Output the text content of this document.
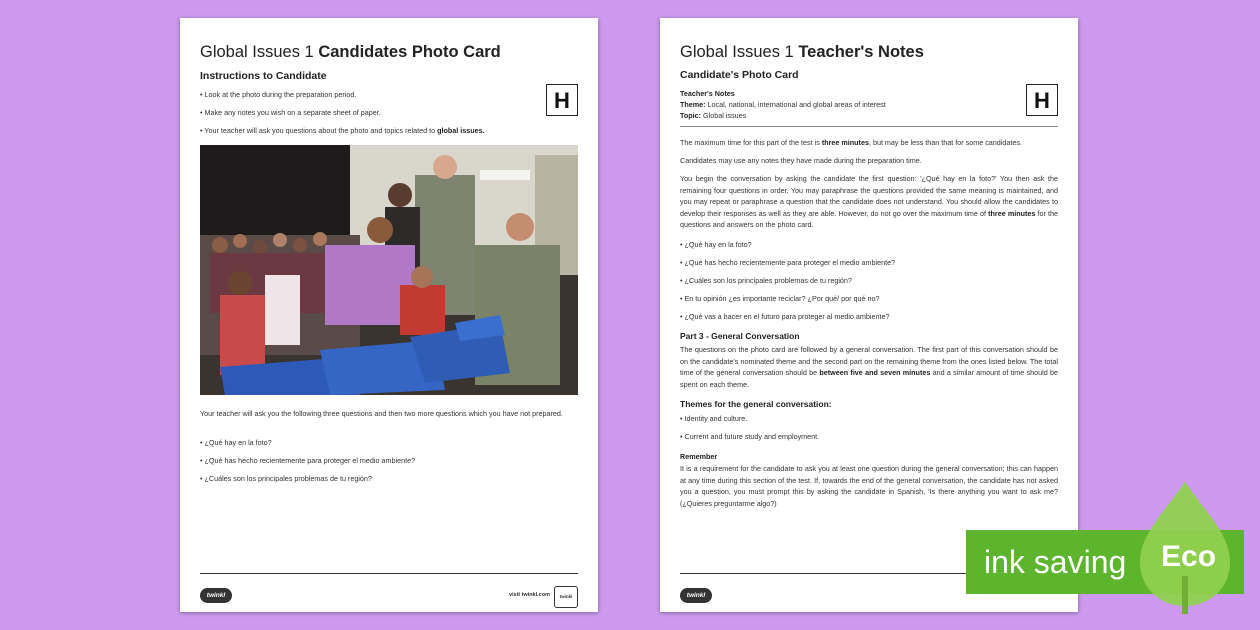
Global Issues 1 Candidates Photo Card
Instructions to Candidate
H
• Look at the photo during the preparation period.
• Make any notes you wish on a separate sheet of paper.
• Your teacher will ask you questions about the photo and topics related to global issues.
Your teacher will ask you the following three questions and then two more questions which you have not prepared.
• ¿Qué hay en la foto?
• ¿Qué has hecho recientemente para proteger el medio ambiente?
• ¿Cuáles son los principales problemas de tu región?
twinkl	visit twinkl.com	twinkl
Global Issues 1 Teacher's Notes
Candidate's Photo Card
H
Teacher's Notes
Theme: Local, national, international and global areas of interest
Topic: Global issues
The maximum time for this part of the test is three minutes, but may be less than that for some candidates.
Candidates may use any notes they have made during the preparation time.
You begin the conversation by asking the candidate the first question: '¿Qué hay en la foto?' You then ask the remaining four questions in order. You may paraphrase the questions provided the same meaning is maintained, and you may repeat or paraphrase a question that the candidate does not understand. You should allow the candidates to develop their responses as well as they are able. However, do not go over the maximum time of three minutes for the questions and answers on the photo card.
• ¿Qué hay en la foto?
• ¿Qué has hecho recientemente para proteger el medio ambiente?
• ¿Cuáles son los principales problemas de tu región?
• En tu opinión ¿es importante reciclar? ¿Por qué/ por qué no?
• ¿Qué vas a hacer en el futuro para proteger al medio ambiente?
Part 3 - General Conversation
The questions on the photo card are followed by a general conversation. The first part of this conversation should be on the candidate's nominated theme and the second part on the remaining theme from the ones listed below. The total time of the general conversation should be between five and seven minutes and a similar amount of time should be spent on each theme.
Themes for the general conversation:
• Identity and culture.
• Current and future study and employment.
Remember
It is a requirement for the candidate to ask you at least one question during the general conversation; this can happen at any time during this section of the test. If, towards the end of the general conversation, the candidate has not asked you a question, you must prompt this by asking the candidate in Spanish, 'Is there anything you want to ask me? (¿Quieres preguntarme algo?)
twinkl
ink saving Eco
